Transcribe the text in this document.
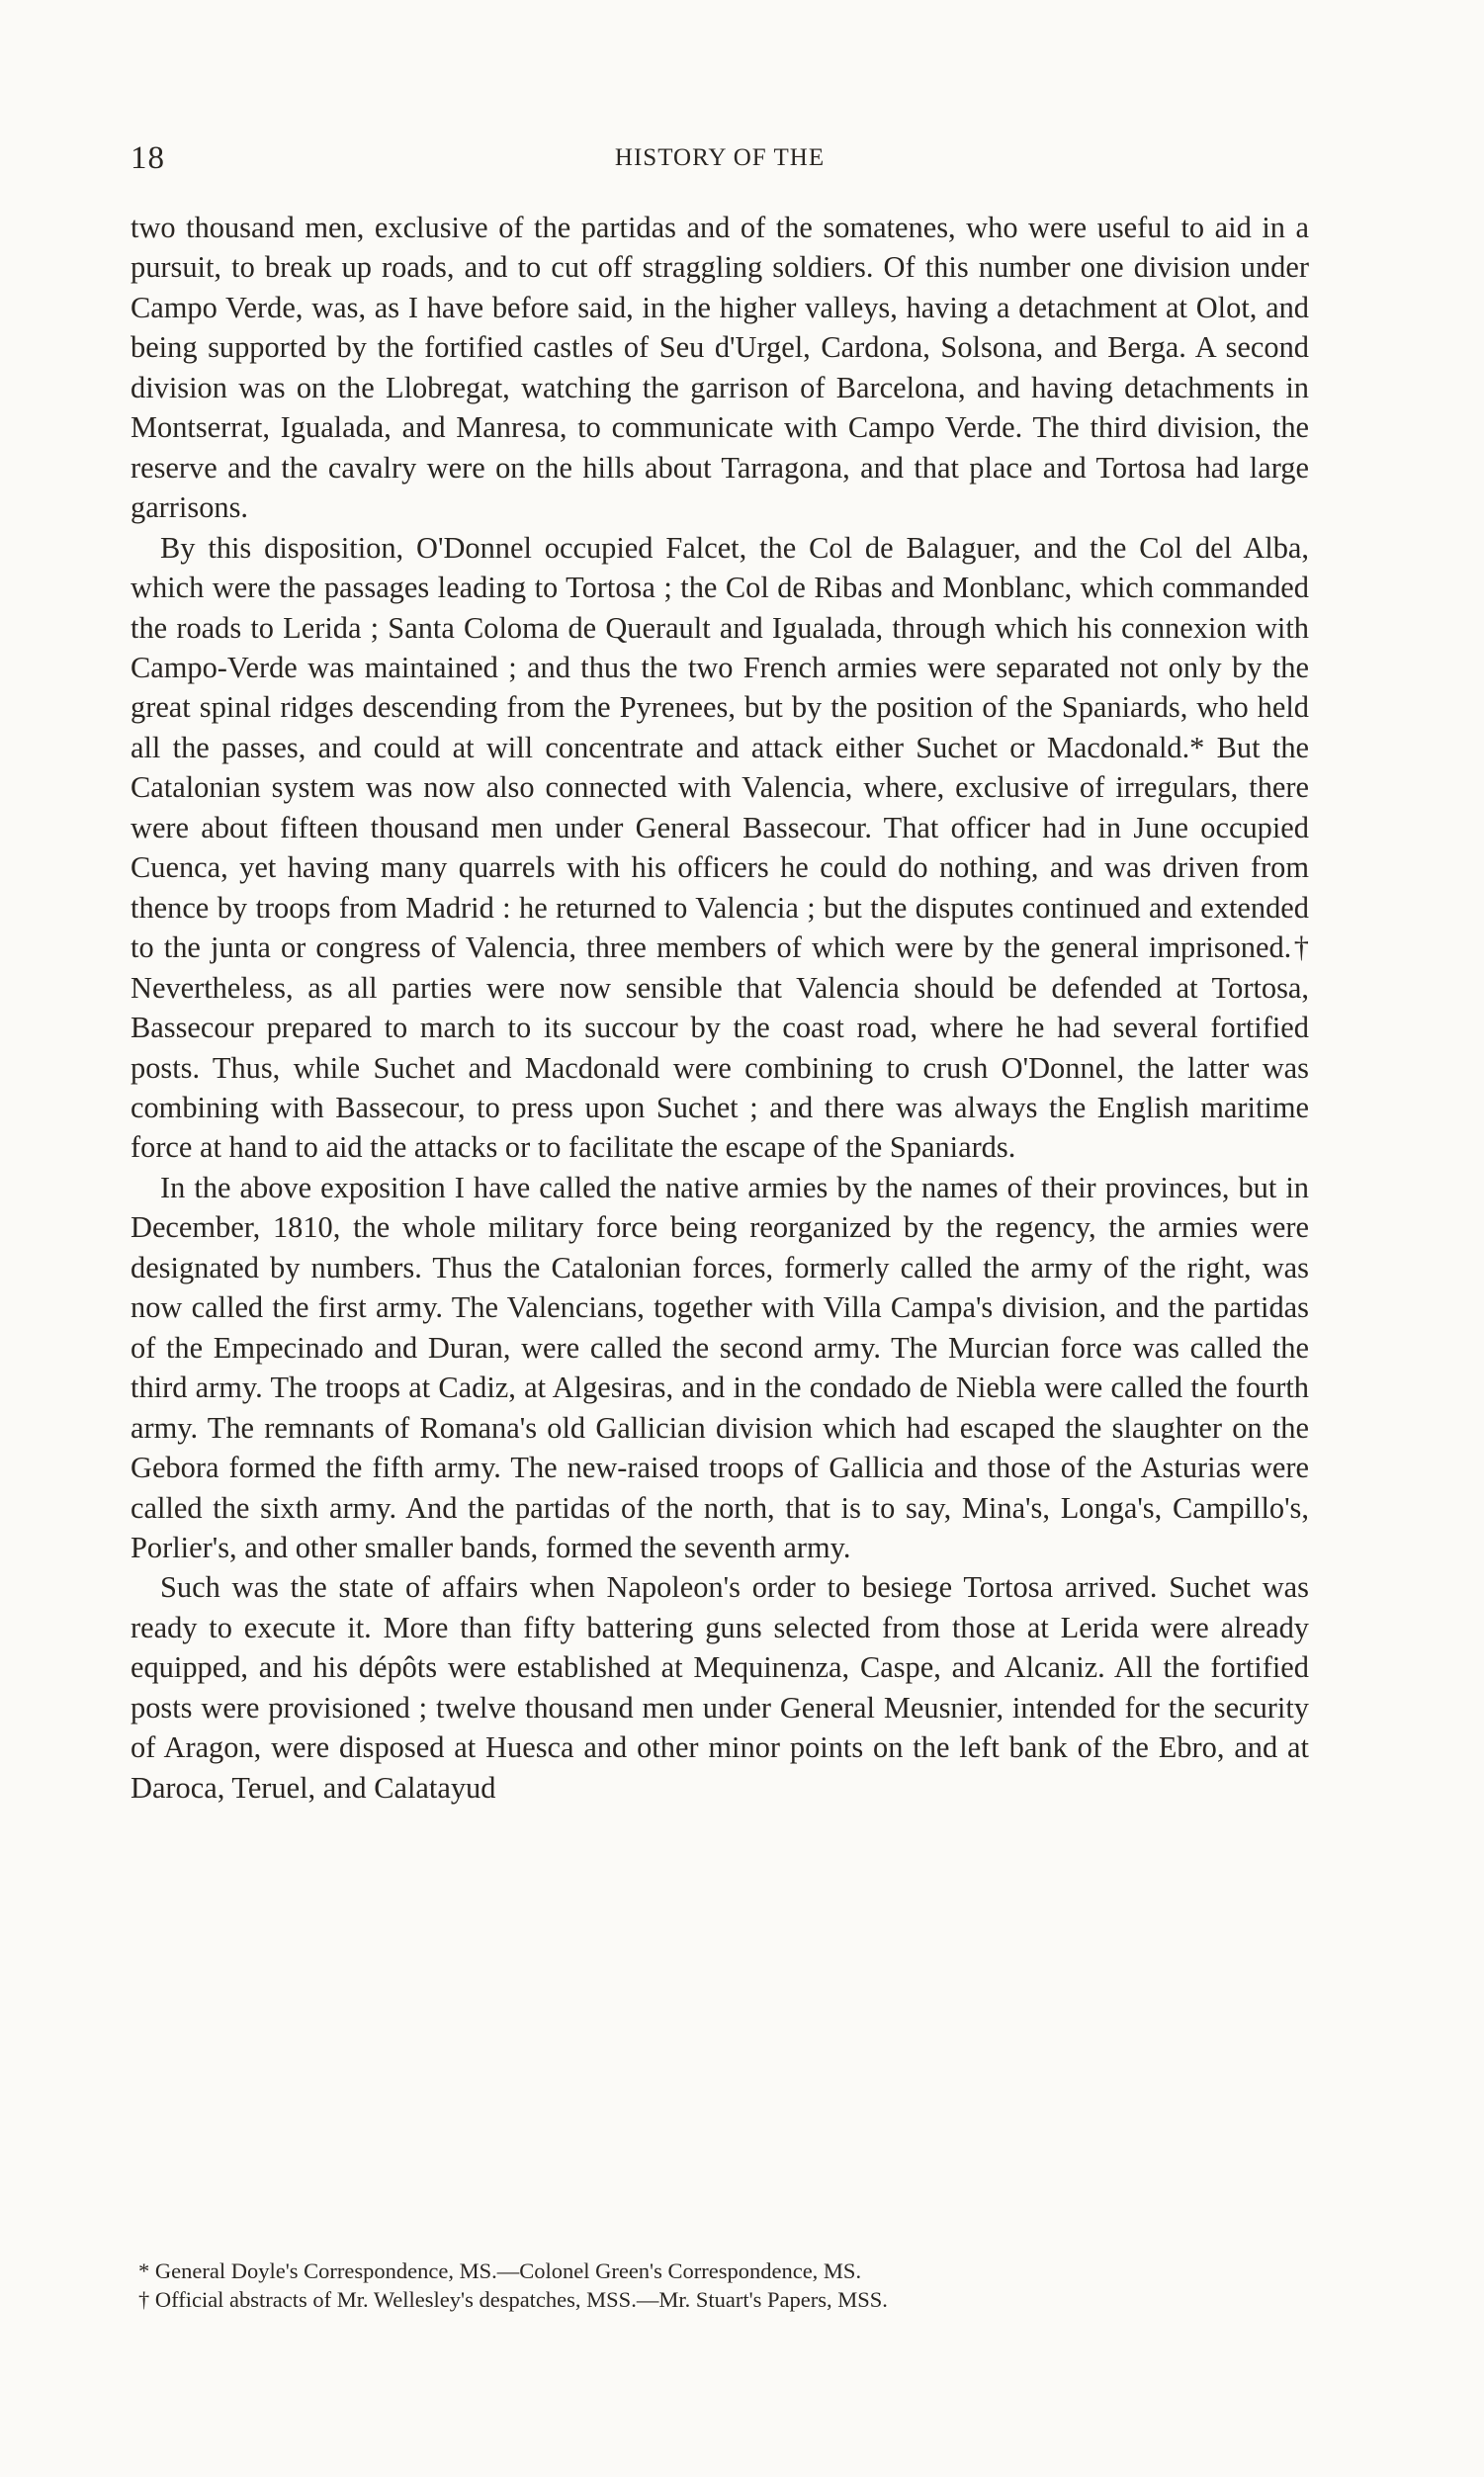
18	HISTORY OF THE

two thousand men, exclusive of the partidas and of the somatenes, who were useful to aid in a pursuit, to break up roads, and to cut off straggling soldiers. Of this number one division under Campo Verde, was, as I have before said, in the higher valleys, having a detachment at Olot, and being supported by the fortified castles of Seu d'Urgel, Cardona, Solsona, and Berga. A second division was on the Llobregat, watching the garrison of Barcelona, and having detachments in Montserrat, Igualada, and Manresa, to communicate with Campo Verde. The third division, the reserve and the cavalry were on the hills about Tarragona, and that place and Tortosa had large garrisons.

By this disposition, O'Donnel occupied Falcet, the Col de Balaguer, and the Col del Alba, which were the passages leading to Tortosa ; the Col de Ribas and Monblanc, which commanded the roads to Lerida ; Santa Coloma de Querault and Igualada, through which his connexion with Campo-Verde was maintained ; and thus the two French armies were separated not only by the great spinal ridges descending from the Pyrenees, but by the position of the Spaniards, who held all the passes, and could at will concentrate and attack either Suchet or Macdonald.* But the Catalonian system was now also connected with Valencia, where, exclusive of irregulars, there were about fifteen thousand men under General Bassecour. That officer had in June occupied Cuenca, yet having many quarrels with his officers he could do nothing, and was driven from thence by troops from Madrid : he returned to Valencia ; but the disputes continued and extended to the junta or congress of Valencia, three members of which were by the general imprisoned.† Nevertheless, as all parties were now sensible that Valencia should be defended at Tortosa, Bassecour prepared to march to its succour by the coast road, where he had several fortified posts. Thus, while Suchet and Macdonald were combining to crush O'Donnel, the latter was combining with Bassecour, to press upon Suchet ; and there was always the English maritime force at hand to aid the attacks or to facilitate the escape of the Spaniards.

In the above exposition I have called the native armies by the names of their provinces, but in December, 1810, the whole military force being reorganized by the regency, the armies were designated by numbers. Thus the Catalonian forces, formerly called the army of the right, was now called the first army. The Valencians, together with Villa Campa's division, and the partidas of the Empecinado and Duran, were called the second army. The Murcian force was called the third army. The troops at Cadiz, at Algesiras, and in the condado de Niebla were called the fourth army. The remnants of Romana's old Gallician division which had escaped the slaughter on the Gebora formed the fifth army. The new-raised troops of Gallicia and those of the Asturias were called the sixth army. And the partidas of the north, that is to say, Mina's, Longa's, Campillo's, Porlier's, and other smaller bands, formed the seventh army.

Such was the state of affairs when Napoleon's order to besiege Tortosa arrived. Suchet was ready to execute it. More than fifty battering guns selected from those at Lerida were already equipped, and his dépôts were established at Mequinenza, Caspe, and Alcaniz. All the fortified posts were provisioned ; twelve thousand men under General Meusnier, intended for the security of Aragon, were disposed at Huesca and other minor points on the left bank of the Ebro, and at Daroca, Teruel, and Calatayud

* General Doyle's Correspondence, MS.—Colonel Green's Correspondence, MS.

† Official abstracts of Mr. Wellesley's despatches, MSS.—Mr. Stuart's Papers, MSS.
